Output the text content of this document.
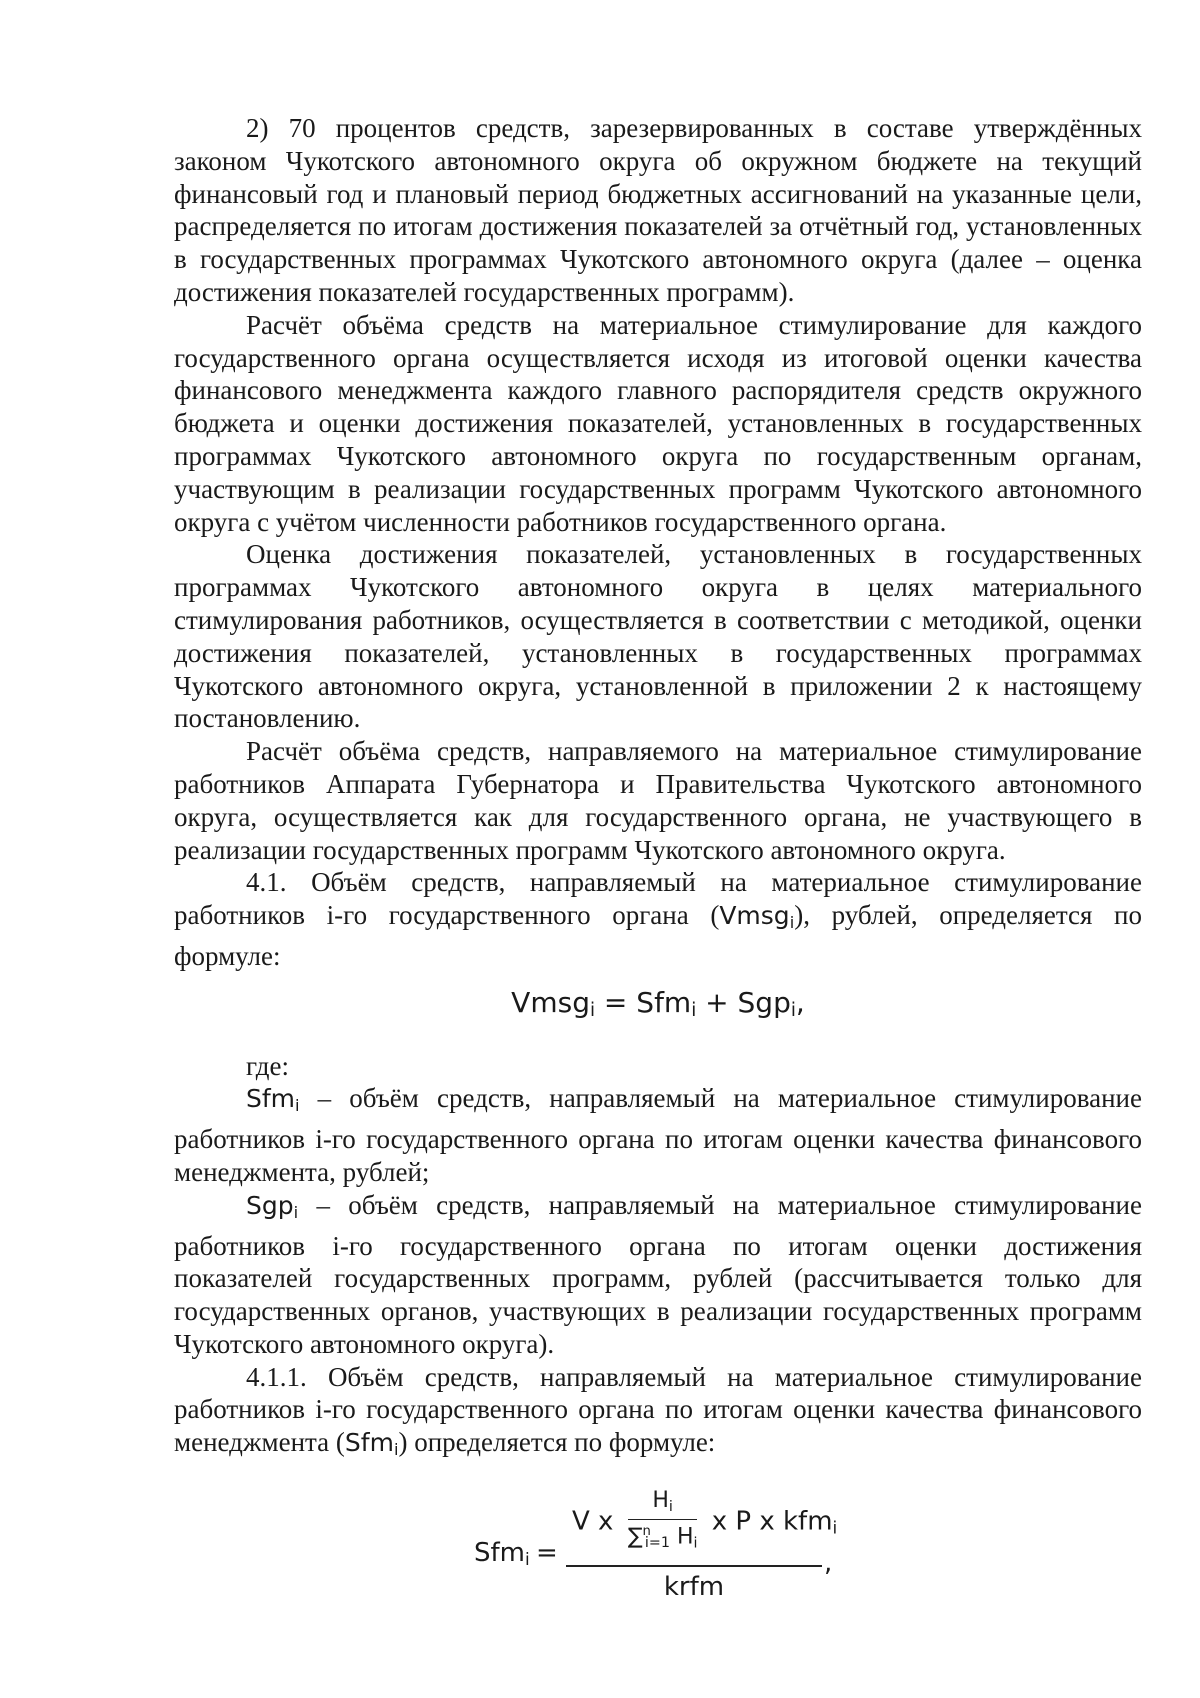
2) 70 процентов средств, зарезервированных в составе утверждённых законом Чукотского автономного округа об окружном бюджете на текущий финансовый год и плановый период бюджетных ассигнований на указанные цели, распределяется по итогам достижения показателей за отчётный год, установленных в государственных программах Чукотского автономного округа (далее – оценка достижения показателей государственных программ).

Расчёт объёма средств на материальное стимулирование для каждого государственного органа осуществляется исходя из итоговой оценки качества финансового менеджмента каждого главного распорядителя средств окружного бюджета и оценки достижения показателей, установленных в государственных программах Чукотского автономного округа по государственным органам, участвующим в реализации государственных программ Чукотского автономного округа с учётом численности работников государственного органа.

Оценка достижения показателей, установленных в государственных программах Чукотского автономного округа в целях материального стимулирования работников, осуществляется в соответствии с методикой, оценки достижения показателей, установленных в государственных программах Чукотского автономного округа, установленной в приложении 2 к настоящему постановлению.

Расчёт объёма средств, направляемого на материальное стимулирование работников Аппарата Губернатора и Правительства Чукотского автономного округа, осуществляется как для государственного органа, не участвующего в реализации государственных программ Чукотского автономного округа.

4.1. Объём средств, направляемый на материальное стимулирование работников i-го государственного органа (Vmsg$_i$), рублей, определяется по формуле:

Vmsg$_i$ = Sfm$_i$ + Sgp$_i$,

где:

Sfm$_i$ – объём средств, направляемый на материальное стимулирование работников i-го государственного органа по итогам оценки качества финансового менеджмента, рублей;

Sgp$_i$ – объём средств, направляемый на материальное стимулирование работников i-го государственного органа по итогам оценки достижения показателей государственных программ, рублей (рассчитывается только для государственных органов, участвующих в реализации государственных программ Чукотского автономного округа).

4.1.1. Объём средств, направляемый на материальное стимулирование работников i-го государственного органа по итогам оценки качества финансового менеджмента (Sfm$_i$) определяется по формуле:

Sfm$_i$ =
V x $\frac{H_i}{\sum^n_{i=1} H_i}$ x P x kfm$_i$
krfm
,
